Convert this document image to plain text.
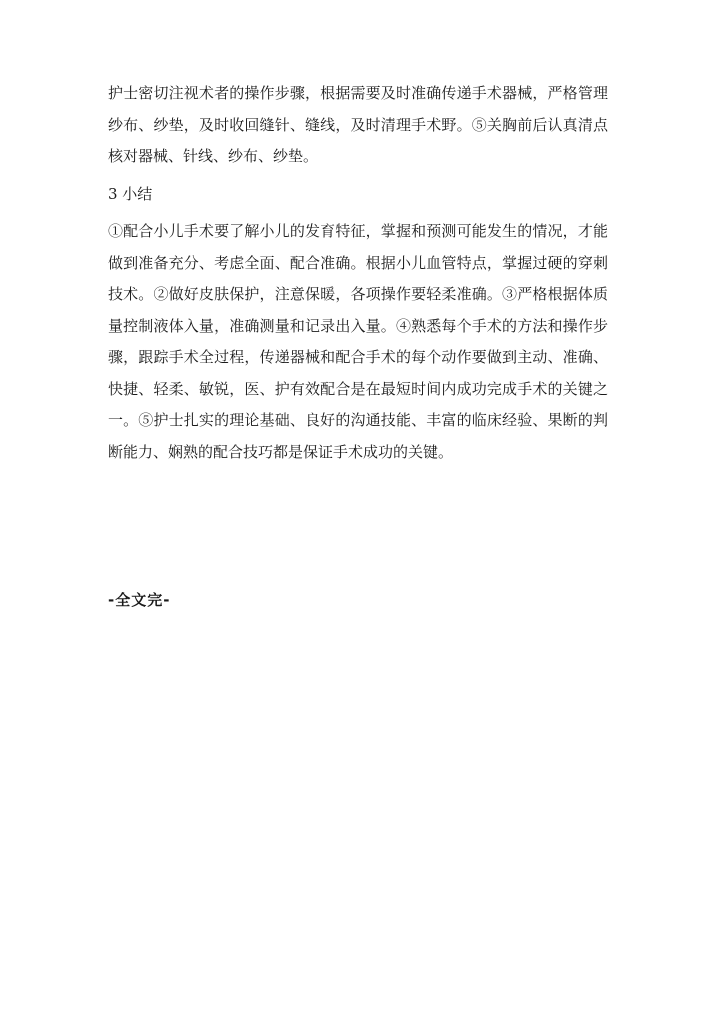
护士密切注视术者的操作步骤，根据需要及时准确传递手术器械，严格管理纱布、纱垫，及时收回缝针、缝线，及时清理手术野。⑤关胸前后认真清点核对器械、针线、纱布、纱垫。

3 小结

①配合小儿手术要了解小儿的发育特征，掌握和预测可能发生的情况，才能做到准备充分、考虑全面、配合准确。根据小儿血管特点，掌握过硬的穿刺技术。②做好皮肤保护，注意保暖，各项操作要轻柔准确。③严格根据体质量控制液体入量，准确测量和记录出入量。④熟悉每个手术的方法和操作步骤，跟踪手术全过程，传递器械和配合手术的每个动作要做到主动、准确、快捷、轻柔、敏锐，医、护有效配合是在最短时间内成功完成手术的关键之一。⑤护士扎实的理论基础、良好的沟通技能、丰富的临床经验、果断的判断能力、娴熟的配合技巧都是保证手术成功的关键。

-全文完-
